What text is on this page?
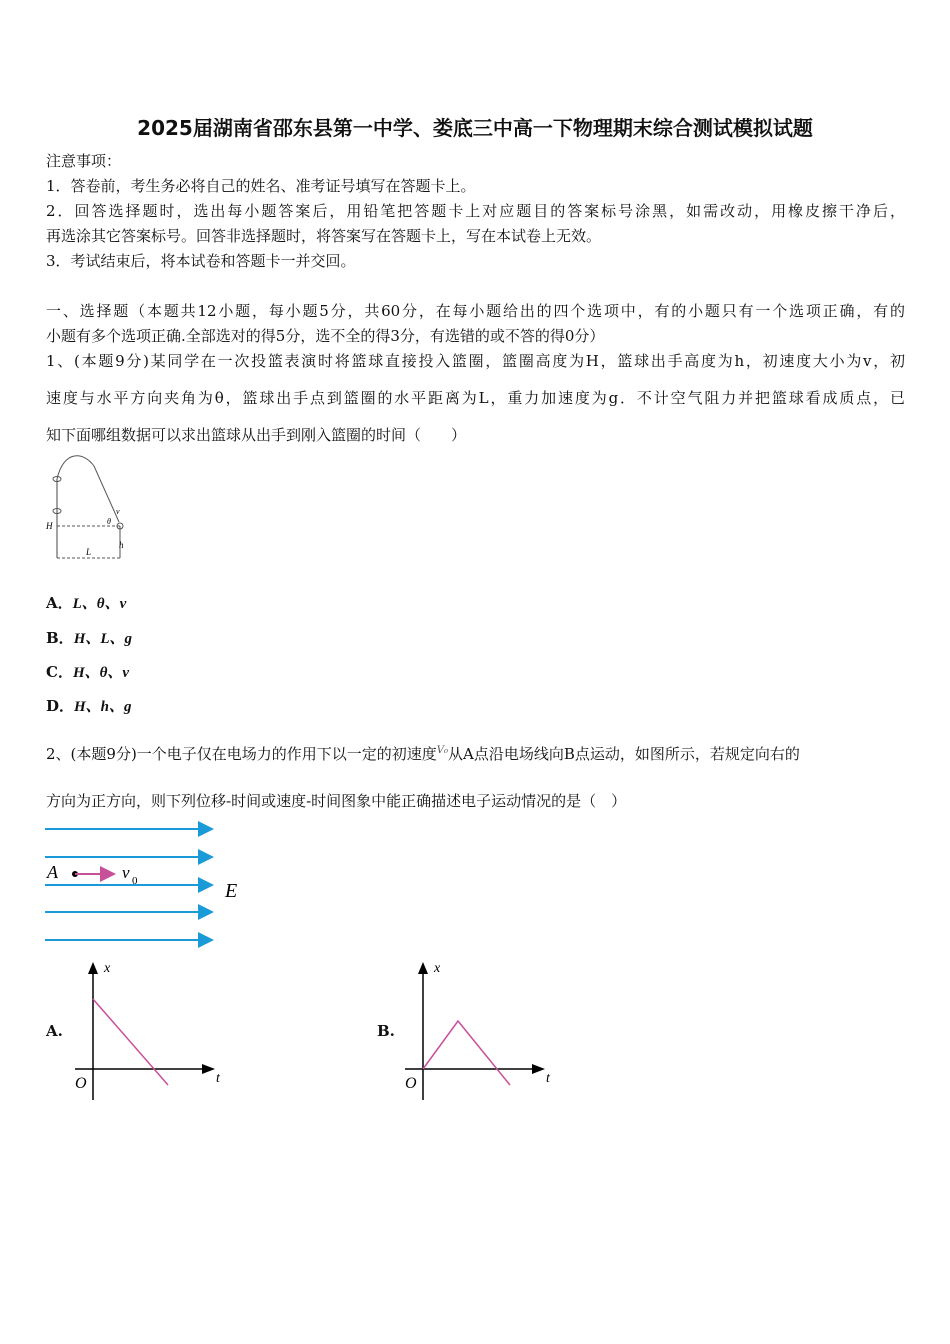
2025届湖南省邵东县第一中学、娄底三中高一下物理期末综合测试模拟试题
注意事项：
1．答卷前，考生务必将自己的姓名、准考证号填写在答题卡上。
2．回答选择题时，选出每小题答案后，用铅笔把答题卡上对应题目的答案标号涂黑，如需改动，用橡皮擦干净后，
再选涂其它答案标号。回答非选择题时，将答案写在答题卡上，写在本试卷上无效。
3．考试结束后，将本试卷和答题卡一并交回。
一、选择题（本题共12小题，每小题5分，共60分，在每小题给出的四个选项中，有的小题只有一个选项正确，有的
小题有多个选项正确.全部选对的得5分，选不全的得3分，有选错的或不答的得0分）
1、(本题9分)某同学在一次投篮表演时将篮球直接投入篮圈，篮圈高度为H，篮球出手高度为h，初速度大小为v，初
速度与水平方向夹角为θ，篮球出手点到篮圈的水平距离为L，重力加速度为g．不计空气阻力并把篮球看成质点，已
知下面哪组数据可以求出篮球从出手到刚入篮圈的时间（　　）
H
h
L
θ
v
A．L、θ、v
B．H、L、g
C．H、θ、v
D．H、h、g
2、(本题9分)一个电子仅在电场力的作用下以一定的初速度$^{V_0}$从A点沿电场线向B点运动，如图所示，若规定向右的
方向为正方向，则下列位移-时间或速度-时间图象中能正确描述电子运动情况的是（　）
A	v 0	E
A.
x
t
O
B.
x
t
O
